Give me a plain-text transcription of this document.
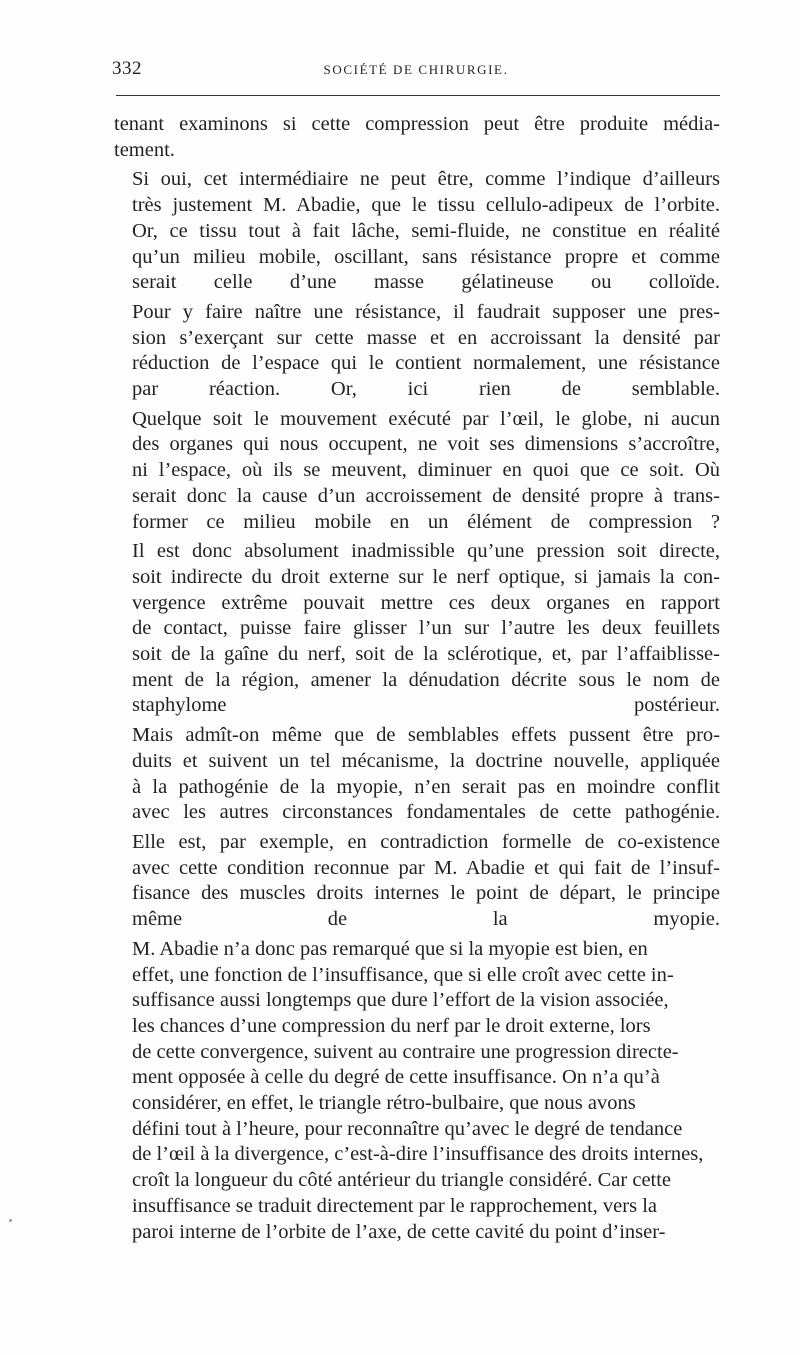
332	SOCIÉTÉ DE CHIRURGIE.

tenant examinons si cette compression peut être produite média-
tement.

Si oui, cet intermédiaire ne peut être, comme l’indique d’ailleurs
très justement M. Abadie, que le tissu cellulo-adipeux de l’orbite.
Or, ce tissu tout à fait lâche, semi-fluide, ne constitue en réalité
qu’un milieu mobile, oscillant, sans résistance propre et comme
serait celle d’une masse gélatineuse ou colloïde.

Pour y faire naître une résistance, il faudrait supposer une pres-
sion s’exerçant sur cette masse et en accroissant la densité par
réduction de l’espace qui le contient normalement, une résistance
par réaction. Or, ici rien de semblable.

Quelque soit le mouvement exécuté par l’œil, le globe, ni aucun
des organes qui nous occupent, ne voit ses dimensions s’accroître,
ni l’espace, où ils se meuvent, diminuer en quoi que ce soit. Où
serait donc la cause d’un accroissement de densité propre à trans-
former ce milieu mobile en un élément de compression ?

Il est donc absolument inadmissible qu’une pression soit directe,
soit indirecte du droit externe sur le nerf optique, si jamais la con-
vergence extrême pouvait mettre ces deux organes en rapport
de contact, puisse faire glisser l’un sur l’autre les deux feuillets
soit de la gaîne du nerf, soit de la sclérotique, et, par l’affaiblisse-
ment de la région, amener la dénudation décrite sous le nom de
staphylome postérieur.

Mais admît-on même que de semblables effets pussent être pro-
duits et suivent un tel mécanisme, la doctrine nouvelle, appliquée
à la pathogénie de la myopie, n’en serait pas en moindre conflit
avec les autres circonstances fondamentales de cette pathogénie.

Elle est, par exemple, en contradiction formelle de co-existence
avec cette condition reconnue par M. Abadie et qui fait de l’insuf-
fisance des muscles droits internes le point de départ, le principe
même de la myopie.

M. Abadie n’a donc pas remarqué que si la myopie est bien, en
effet, une fonction de l’insuffisance, que si elle croît avec cette in-
suffisance aussi longtemps que dure l’effort de la vision associée,
les chances d’une compression du nerf par le droit externe, lors
de cette convergence, suivent au contraire une progression directe-
ment opposée à celle du degré de cette insuffisance. On n’a qu’à
considérer, en effet, le triangle rétro-bulbaire, que nous avons
défini tout à l’heure, pour reconnaître qu’avec le degré de tendance
de l’œil à la divergence, c’est-à-dire l’insuffisance des droits internes,
croît la longueur du côté antérieur du triangle considéré. Car cette
insuffisance se traduit directement par le rapprochement, vers la
paroi interne de l’orbite de l’axe, de cette cavité du point d’inser-
